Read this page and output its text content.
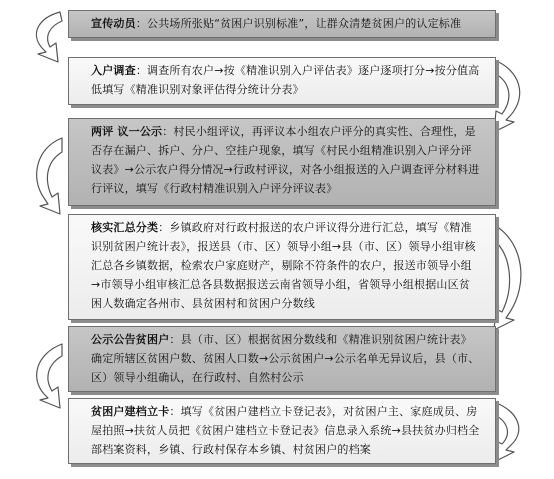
宣传动员：公共场所张贴“贫困户识别标准”，让群众清楚贫困户的认定标准
入户调查：调查所有农户→按《精准识别入户评估表》逐户逐项打分→按分值高低填写《精准识别对象评估得分统计分表》
两评 议一公示：村民小组评议，再评议本小组农户评分的真实性、合理性，是否存在漏户、拆户、分户、空挂户现象，填写《村民小组精准识别入户评分评议表》→公示农户得分情况→行政村评议，对各小组报送的入户调查评分材料进行评议，填写《行政村精准识别入户评分评议表》
核实汇总分类：乡镇政府对行政村报送的农户评议得分进行汇总，填写《精准识别贫困户统计表》，报送县（市、区）领导小组→县（市、区）领导小组审核汇总各乡镇数据，检索农户家庭财产，剔除不符条件的农户，报送市领导小组→市领导小组审核汇总各县数据报送云南省领导小组，省领导小组根据山区贫困人数确定各州市、县贫困村和贫困户分数线
公示公告贫困户：县（市、区）根据贫困分数线和《精准识别贫困户统计表》确定所辖区贫困户数、贫困人口数→公示贫困户→公示名单无异议后，县（市、区）领导小组确认，在行政村、自然村公示
贫困户建档立卡：填写《贫困户建档立卡登记表》，对贫困户主、家庭成员、房屋拍照→扶贫人员把《贫困户建档立卡登记表》信息录入系统→县扶贫办归档全部档案资料，乡镇、行政村保存本乡镇、村贫困户的档案
